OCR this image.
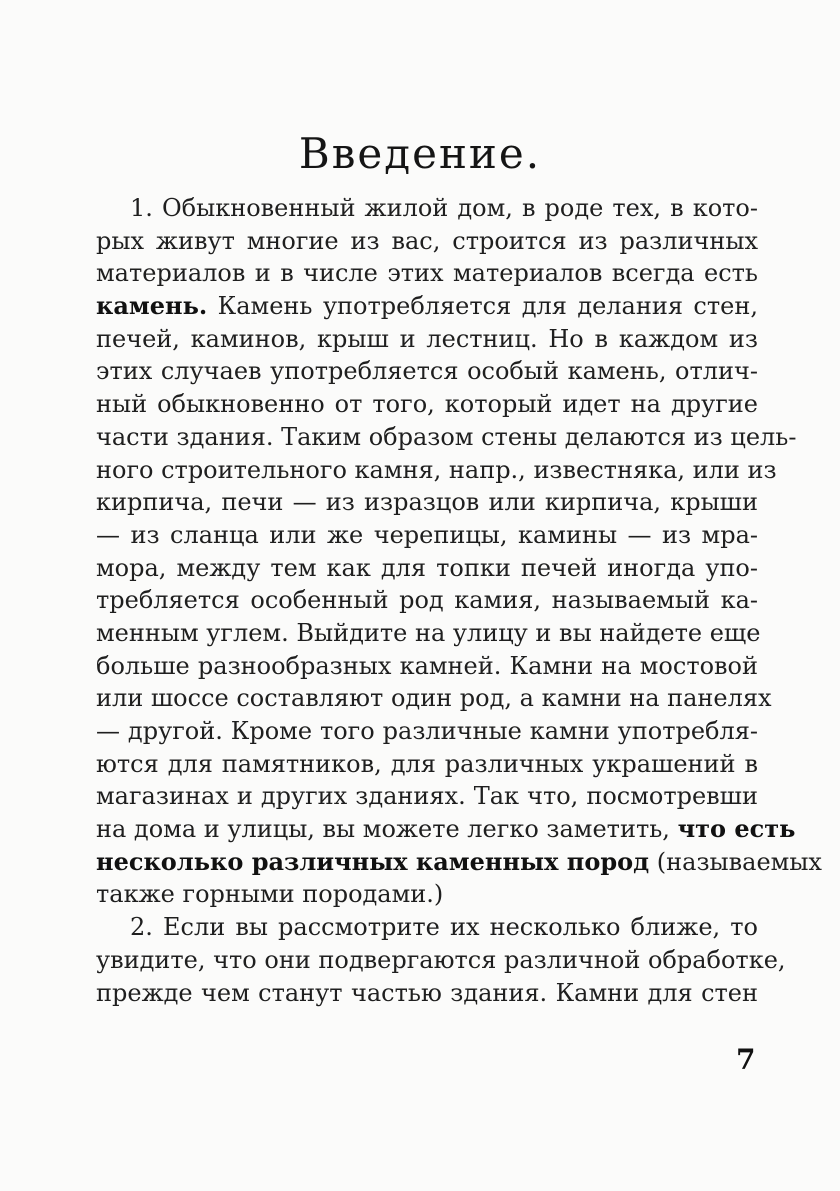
Введение.
1. Обыкновенный жилой дом, в роде тех, в кото-
рых живут многие из вас, строится из различных
материалов и в числе этих материалов всегда есть
камень. Камень употребляется для делания стен,
печей, каминов, крыш и лестниц. Но в каждом из
этих случаев употребляется особый камень, отлич-
ный обыкновенно от того, который идет на другие
части здания. Таким образом стены делаются из цель-
ного строительного камня, напр., известняка, или из
кирпича, печи — из изразцов или кирпича, крыши
— из сланца или же черепицы, камины — из мра-
мора, между тем как для топки печей иногда упо-
требляется особенный род камия, называемый ка-
менным углем. Выйдите на улицу и вы найдете еще
больше разнообразных камней. Камни на мостовой
или шоссе составляют один род, а камни на панелях
— другой. Кроме того различные камни употребля-
ются для памятников, для различных украшений в
магазинах и других зданиях. Так что, посмотревши
на дома и улицы, вы можете легко заметить, что есть
несколько различных каменных пород (называемых
также горными породами.)
2. Если вы рассмотрите их несколько ближе, то
увидите, что они подвергаются различной обработке,
прежде чем станут частью здания. Камни для стен
7
